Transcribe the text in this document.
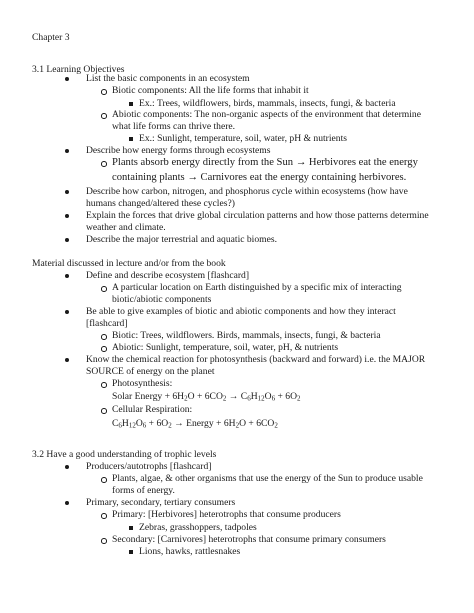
Chapter 3
3.1 Learning Objectives
List the basic components in an ecosystem
Biotic components: All the life forms that inhabit it
Ex.: Trees, wildflowers, birds, mammals, insects, fungi, & bacteria
Abiotic components: The non-organic aspects of the environment that determine
what life forms can thrive there.
Ex.: Sunlight, temperature, soil, water, pH & nutrients
Describe how energy forms through ecosystems
Plants absorb energy directly from the Sun → Herbivores eat the energy
containing plants → Carnivores eat the energy containing herbivores.
Describe how carbon, nitrogen, and phosphorus cycle within ecosystems (how have
humans changed/altered these cycles?)
Explain the forces that drive global circulation patterns and how those patterns determine
weather and climate.
Describe the major terrestrial and aquatic biomes.
Material discussed in lecture and/or from the book
Define and describe ecosystem [flashcard]
A particular location on Earth distinguished by a specific mix of interacting
biotic/abiotic components
Be able to give examples of biotic and abiotic components and how they interact
[flashcard]
Biotic: Trees, wildflowers. Birds, mammals, insects, fungi, & bacteria
Abiotic: Sunlight, temperature, soil, water, pH, & nutrients
Know the chemical reaction for photosynthesis (backward and forward) i.e. the MAJOR
SOURCE of energy on the planet
Photosynthesis:
Solar Energy + $6H_2O + 6CO_2 \to C_6H_{12}O_6 + 6O_2$
Cellular Respiration:
$C_6H_{12}O_6 + 6O_2$ → Energy + $6H_2O + 6CO_2$
3.2 Have a good understanding of trophic levels
Producers/autotrophs [flashcard]
Plants, algae, & other organisms that use the energy of the Sun to produce usable
forms of energy.
Primary, secondary, tertiary consumers
Primary: [Herbivores] heterotrophs that consume producers
Zebras, grasshoppers, tadpoles
Secondary: [Carnivores] heterotrophs that consume primary consumers
Lions, hawks, rattlesnakes
